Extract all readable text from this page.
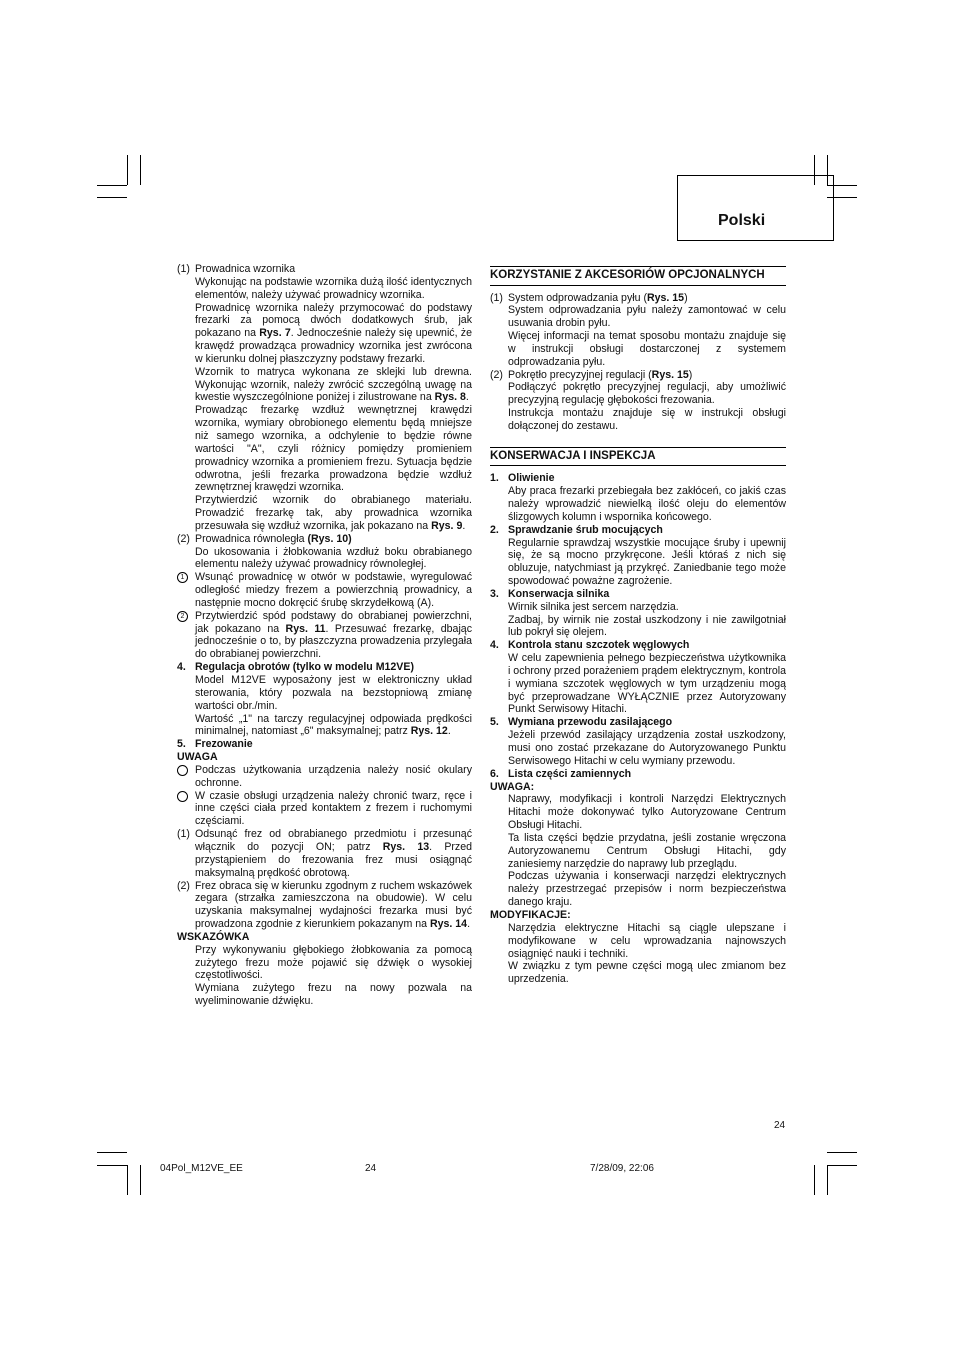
Polski
(1) Prowadnica wzornika
Wykonując na podstawie wzornika dużą ilość identycznych elementów, należy używać prowadnicy wzornika.
Prowadnicę wzornika należy przymocować do podstawy frezarki za pomocą dwóch dodatkowych śrub, jak pokazano na Rys. 7. Jednocześnie należy się upewnić, że krawędź prowadząca prowadnicy wzornika jest zwrócona w kierunku dolnej płaszczyzny podstawy frezarki.
Wzornik to matryca wykonana ze sklejki lub drewna. Wykonując wzornik, należy zwrócić szczególną uwagę na kwestie wyszczególnione poniżej i zilustrowane na Rys. 8.
Prowadząc frezarkę wzdłuż wewnętrznej krawędzi wzornika, wymiary obrobionego elementu będą mniejsze niż samego wzornika, a odchylenie to będzie równe wartości "A", czyli różnicy pomiędzy promieniem prowadnicy wzornika a promieniem frezu. Sytuacja będzie odwrotna, jeśli frezarka prowadzona będzie wzdłuż zewnętrznej krawędzi wzornika.
Przytwierdzić wzornik do obrabianego materiału. Prowadzić frezarkę tak, aby prowadnica wzornika przesuwała się wzdłuż wzornika, jak pokazano na Rys. 9.
(2) Prowadnica równoległa (Rys. 10)
Do ukosowania i żłobkowania wzdłuż boku obrabianego elementu należy używać prowadnicy równoległej.
1 Wsunąć prowadnicę w otwór w podstawie, wyregulować odległość miedzy frezem a powierzchnią prowadnicy, a następnie mocno dokręcić śrubę skrzydełkową (A).
2 Przytwierdzić spód podstawy do obrabianej powierzchni, jak pokazano na Rys. 11. Przesuwać frezarkę, dbając jednocześnie o to, by płaszczyzna prowadzenia przylegała do obrabianej powierzchni.
4. Regulacja obrotów (tylko w modelu M12VE)
Model M12VE wyposażony jest w elektroniczny układ sterowania, który pozwala na bezstopniową zmianę wartości obr./min.
Wartość „1" na tarczy regulacyjnej odpowiada prędkości minimalnej, natomiast „6" maksymalnej; patrz Rys. 12.
5. Frezowanie
UWAGA
Podczas użytkowania urządzenia należy nosić okulary ochronne.
W czasie obsługi urządzenia należy chronić twarz, ręce i inne części ciała przed kontaktem z frezem i ruchomymi częściami.
(1) Odsunąć frez od obrabianego przedmiotu i przesunąć włącznik do pozycji ON; patrz Rys. 13. Przed przystąpieniem do frezowania frez musi osiągnąć maksymalną prędkość obrotową.
(2) Frez obraca się w kierunku zgodnym z ruchem wskazówek zegara (strzałka zamieszczona na obudowie). W celu uzyskania maksymalnej wydajności frezarka musi być prowadzona zgodnie z kierunkiem pokazanym na Rys. 14.
WSKAZÓWKA
Przy wykonywaniu głębokiego żłobkowania za pomocą zużytego frezu może pojawić się dźwięk o wysokiej częstotliwości.
Wymiana zużytego frezu na nowy pozwala na wyeliminowanie dźwięku.
KORZYSTANIE Z AKCESORIÓW OPCJONALNYCH
(1) System odprowadzania pyłu (Rys. 15)
System odprowadzania pyłu należy zamontować w celu usuwania drobin pyłu.
Więcej informacji na temat sposobu montażu znajduje się w instrukcji obsługi dostarczonej z systemem odprowadzania pyłu.
(2) Pokrętło precyzyjnej regulacji (Rys. 15)
Podłączyć pokrętło precyzyjnej regulacji, aby umożliwić precyzyjną regulację głębokości frezowania.
Instrukcja montażu znajduje się w instrukcji obsługi dołączonej do zestawu.
KONSERWACJA I INSPEKCJA
1. Oliwienie
Aby praca frezarki przebiegała bez zakłóceń, co jakiś czas należy wprowadzić niewielką ilość oleju do elementów ślizgowych kolumn i wspornika końcowego.
2. Sprawdzanie śrub mocujących
Regularnie sprawdzaj wszystkie mocujące śruby i upewnij się, że są mocno przykręcone. Jeśli któraś z nich się obluzuje, natychmiast ją przykręć. Zaniedbanie tego może spowodować poważne zagrożenie.
3. Konserwacja silnika
Wirnik silnika jest sercem narzędzia.
Zadbaj, by wirnik nie został uszkodzony i nie zawilgotniał lub pokrył się olejem.
4. Kontrola stanu szczotek węglowych
W celu zapewnienia pełnego bezpieczeństwa użytkownika i ochrony przed porażeniem prądem elektrycznym, kontrola i wymiana szczotek węglowych w tym urządzeniu mogą być przeprowadzane WYŁĄCZNIE przez Autoryzowany Punkt Serwisowy Hitachi.
5. Wymiana przewodu zasilającego
Jeżeli przewód zasilający urządzenia został uszkodzony, musi ono zostać przekazane do Autoryzowanego Punktu Serwisowego Hitachi w celu wymiany przewodu.
6. Lista części zamiennych
UWAGA:
Naprawy, modyfikacji i kontroli Narzędzi Elektrycznych Hitachi może dokonywać tylko Autoryzowane Centrum Obsługi Hitachi.
Ta lista części będzie przydatna, jeśli zostanie wręczona Autoryzowanemu Centrum Obsługi Hitachi, gdy zaniesiemy narzędzie do naprawy lub przeglądu.
Podczas używania i konserwacji narzędzi elektrycznych należy przestrzegać przepisów i norm bezpieczeństwa danego kraju.
MODYFIKACJE:
Narzędzia elektryczne Hitachi są ciągle ulepszane i modyfikowane w celu wprowadzania najnowszych osiągnięć nauki i techniki.
W związku z tym pewne części mogą ulec zmianom bez uprzedzenia.
24
04Pol_M12VE_EE	24	7/28/09, 22:06
